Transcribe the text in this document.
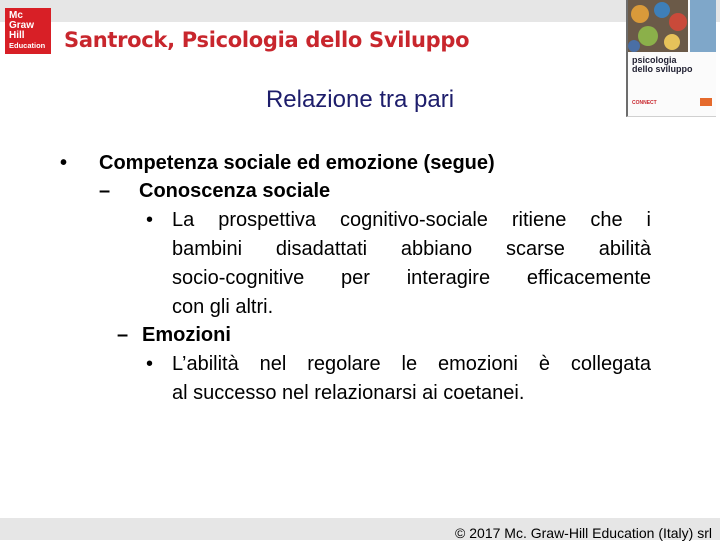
Mc
Graw
Hill
Education Santrock, Psicologia dello Sviluppo
psicologia
dello sviluppo
CONNECT
Relazione tra pari
• Competenza sociale ed emozione (segue)
– Conoscenza sociale
• La prospettiva cognitivo-sociale ritiene che i
bambini disadattati abbiano scarse abilità
socio-cognitive per interagire efficacemente
con gli altri.
– Emozioni
• L’abilità nel regolare le emozioni è collegata
al successo nel relazionarsi ai coetanei.
© 2017 Mc. Graw-Hill Education (Italy) srl
